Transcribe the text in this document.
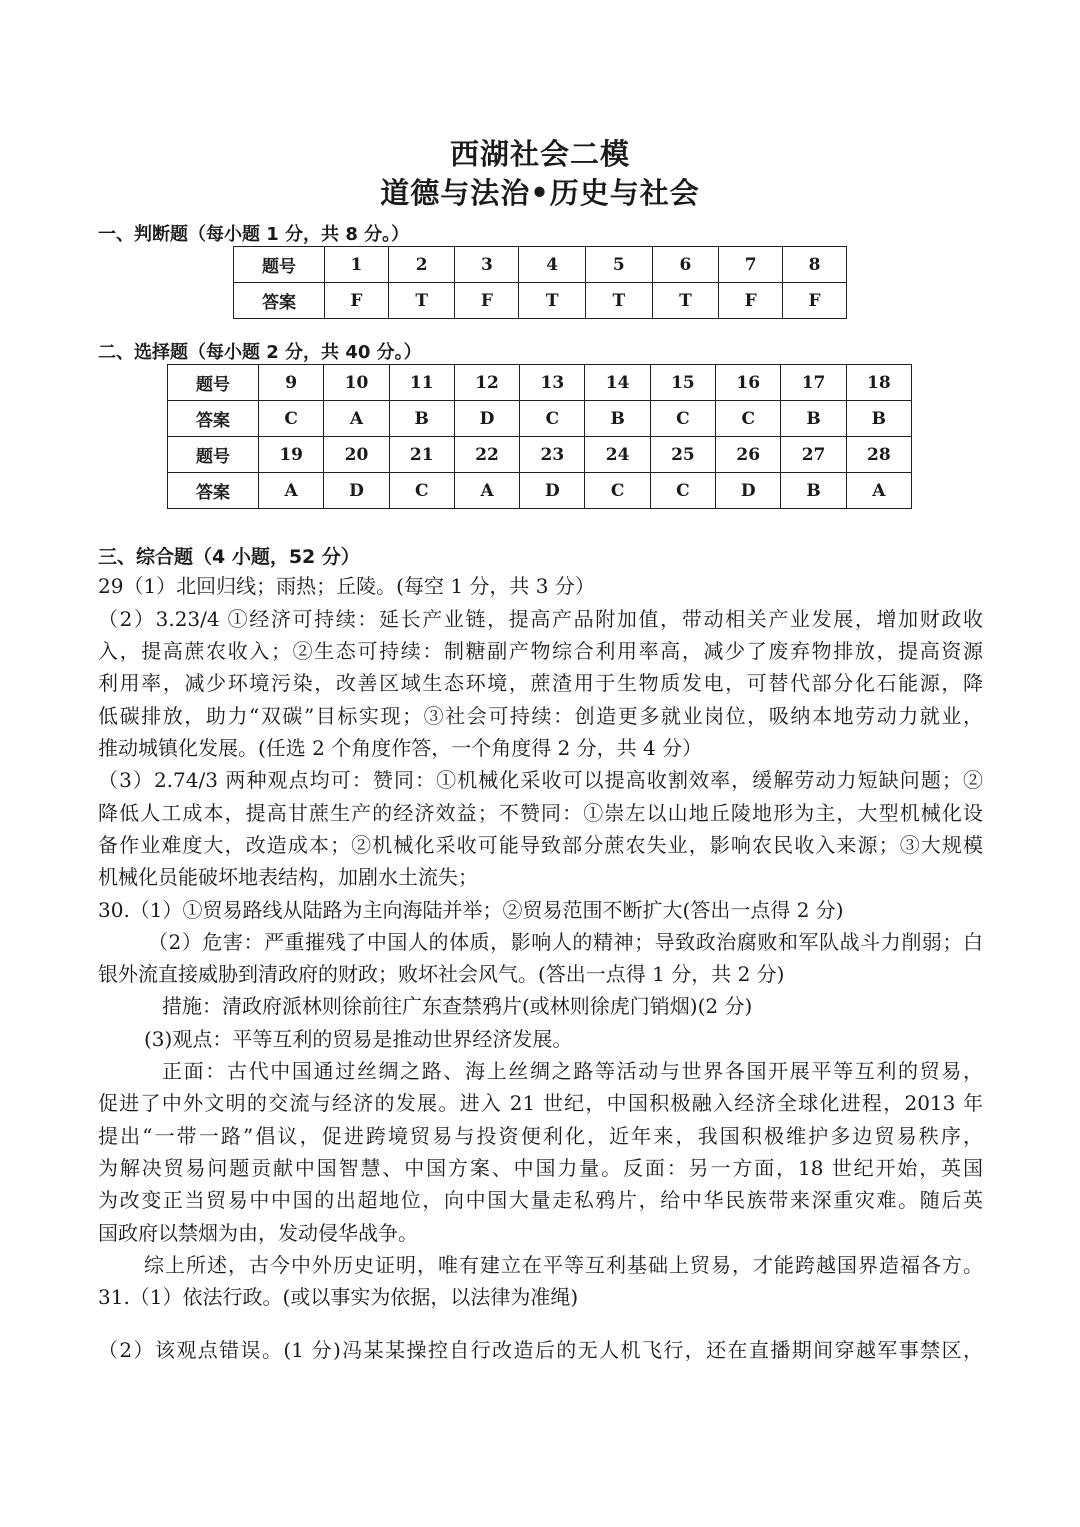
西湖社会二模
道德与法治•历史与社会
一、判断题（每小题 1 分，共 8 分。）
题号	1	2	3	4	5	6	7	8
答案	F	T	F	T	T	T	F	F
二、选择题（每小题 2 分，共 40 分。）
题号	9	10	11	12	13	14	15	16	17	18
答案	C	A	B	D	C	B	C	C	B	B
题号	19	20	21	22	23	24	25	26	27	28
答案	A	D	C	A	D	C	C	D	B	A
三、综合题（4 小题，52 分）
29（1）北回归线；雨热；丘陵。(每空 1 分，共 3 分）
（2）3.23/4 ①经济可持续：延长产业链，提高产品附加值，带动相关产业发展，增加财政收
入，提高蔗农收入；②生态可持续：制糖副产物综合利用率高，减少了废弃物排放，提高资源
利用率，减少环境污染，改善区域生态环境，蔗渣用于生物质发电，可替代部分化石能源，降
低碳排放，助力“双碳”目标实现；③社会可持续：创造更多就业岗位，吸纳本地劳动力就业，
推动城镇化发展。(任选 2 个角度作答，一个角度得 2 分，共 4 分）
（3）2.74/3 两种观点均可：赞同：①机械化采收可以提高收割效率，缓解劳动力短缺问题；②
降低人工成本，提高甘蔗生产的经济效益；不赞同：①崇左以山地丘陵地形为主，大型机械化设
备作业难度大，改造成本；②机械化采收可能导致部分蔗农失业，影响农民收入来源；③大规模
机械化员能破坏地表结构，加剧水土流失；
30.（1）①贸易路线从陆路为主向海陆并举；②贸易范围不断扩大(答出一点得 2 分)
（2）危害：严重摧残了中国人的体质，影响人的精神；导致政治腐败和军队战斗力削弱；白
银外流直接威胁到清政府的财政；败坏社会风气。(答出一点得 1 分，共 2 分)
措施：清政府派林则徐前往广东查禁鸦片(或林则徐虎门销烟)(2 分)
(3)观点：平等互利的贸易是推动世界经济发展。
正面：古代中国通过丝绸之路、海上丝绸之路等活动与世界各国开展平等互利的贸易，
促进了中外文明的交流与经济的发展。进入 21 世纪，中国积极融入经济全球化进程，2013 年
提出“一带一路”倡议，促进跨境贸易与投资便利化，近年来，我国积极维护多边贸易秩序，
为解决贸易问题贡献中国智慧、中国方案、中国力量。反面：另一方面，18 世纪开始，英国
为改变正当贸易中中国的出超地位，向中国大量走私鸦片，给中华民族带来深重灾难。随后英
国政府以禁烟为由，发动侵华战争。
综上所述，古今中外历史证明，唯有建立在平等互利基础上贸易，才能跨越国界造福各方。
31.（1）依法行政。(或以事实为依据，以法律为准绳)
（2）该观点错误。(1 分)冯某某操控自行改造后的无人机飞行，还在直播期间穿越军事禁区，
